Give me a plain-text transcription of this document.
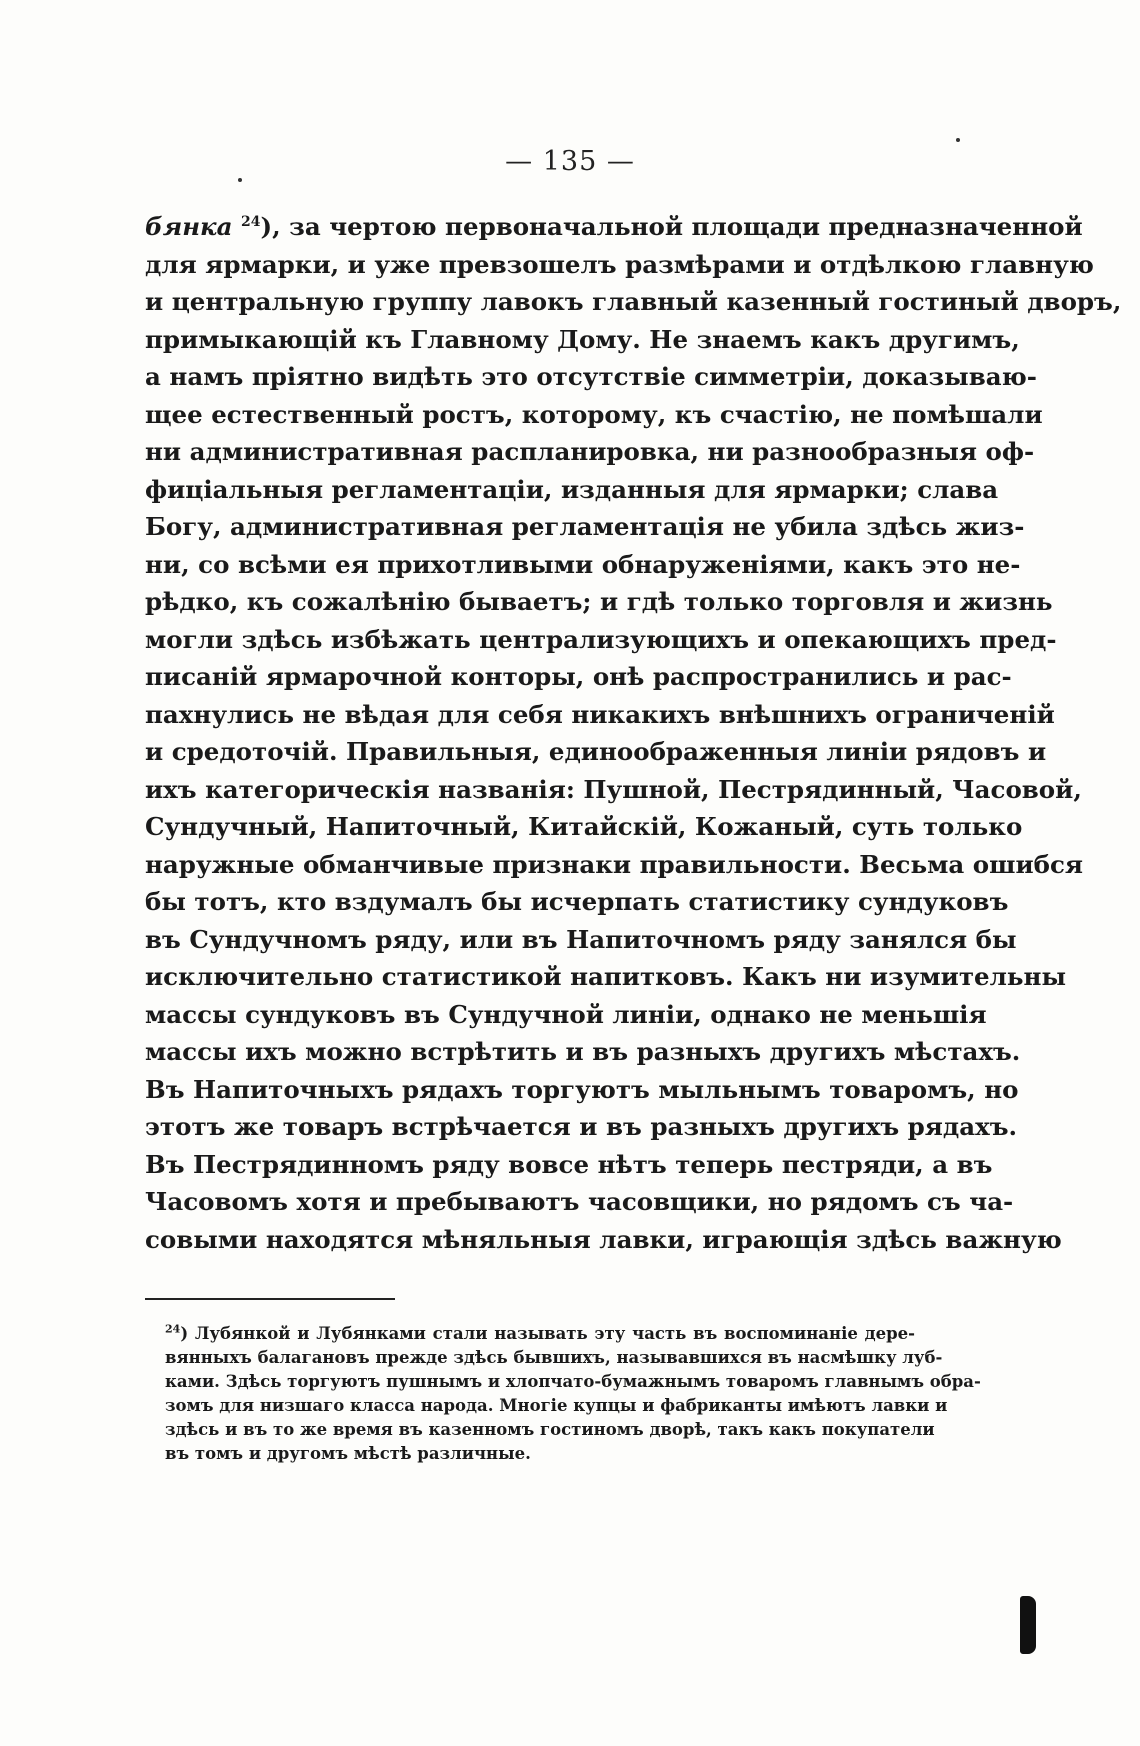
— 135 —
бянка $^{24}$), за чертою первоначальной площади предназначенной
для ярмарки, и уже превзошелъ размѣрами и отдѣлкою главную
и центральную группу лавокъ главный казенный гостиный дворъ,
примыкающій къ Главному Дому. Не знаемъ какъ другимъ,
а намъ пріятно видѣть это отсутствіе симметріи, доказываю-
щее естественный ростъ, которому, къ счастію, не помѣшали
ни административная распланировка, ни разнообразныя оф-
фиціальныя регламентаціи, изданныя для ярмарки; слава
Богу, административная регламентація не убила здѣсь жиз-
ни, со всѣми ея прихотливыми обнаруженіями, какъ это не-
рѣдко, къ сожалѣнію бываетъ; и гдѣ только торговля и жизнь
могли здѣсь избѣжать централизующихъ и опекающихъ пред-
писаній ярмарочной конторы, онѣ распространились и рас-
пахнулись не вѣдая для себя никакихъ внѣшнихъ ограниченій
и средоточій. Правильныя, единоображенныя линіи рядовъ и
ихъ категорическія названія: Пушной, Пестрядинный, Часовой,
Сундучный, Напиточный, Китайскій, Кожаный, суть только
наружные обманчивые признаки правильности. Весьма ошибся
бы тотъ, кто вздумалъ бы исчерпать статистику сундуковъ
въ Сундучномъ ряду, или въ Напиточномъ ряду занялся бы
исключительно статистикой напитковъ. Какъ ни изумительны
массы сундуковъ въ Сундучной линіи, однако не меньшія
массы ихъ можно встрѣтить и въ разныхъ другихъ мѣстахъ.
Въ Напиточныхъ рядахъ торгуютъ мыльнымъ товаромъ, но
этотъ же товаръ встрѣчается и въ разныхъ другихъ рядахъ.
Въ Пестрядинномъ ряду вовсе нѣтъ теперь пестряди, а въ
Часовомъ хотя и пребываютъ часовщики, но рядомъ съ ча-
совыми находятся мѣняльныя лавки, играющія здѣсь важную
$^{24}$) Лубянкой и Лубянками стали называть эту часть въ воспоминаніе дере-
вянныхъ балагановъ прежде здѣсь бывшихъ, называвшихся въ насмѣшку луб-
ками. Здѣсь торгуютъ пушнымъ и хлопчато-бумажнымъ товаромъ главнымъ обра-
зомъ для низшаго класса народа. Многіе купцы и фабриканты имѣютъ лавки и
здѣсь и въ то же время въ казенномъ гостиномъ дворѣ, такъ какъ покупатели
въ томъ и другомъ мѣстѣ различные.
